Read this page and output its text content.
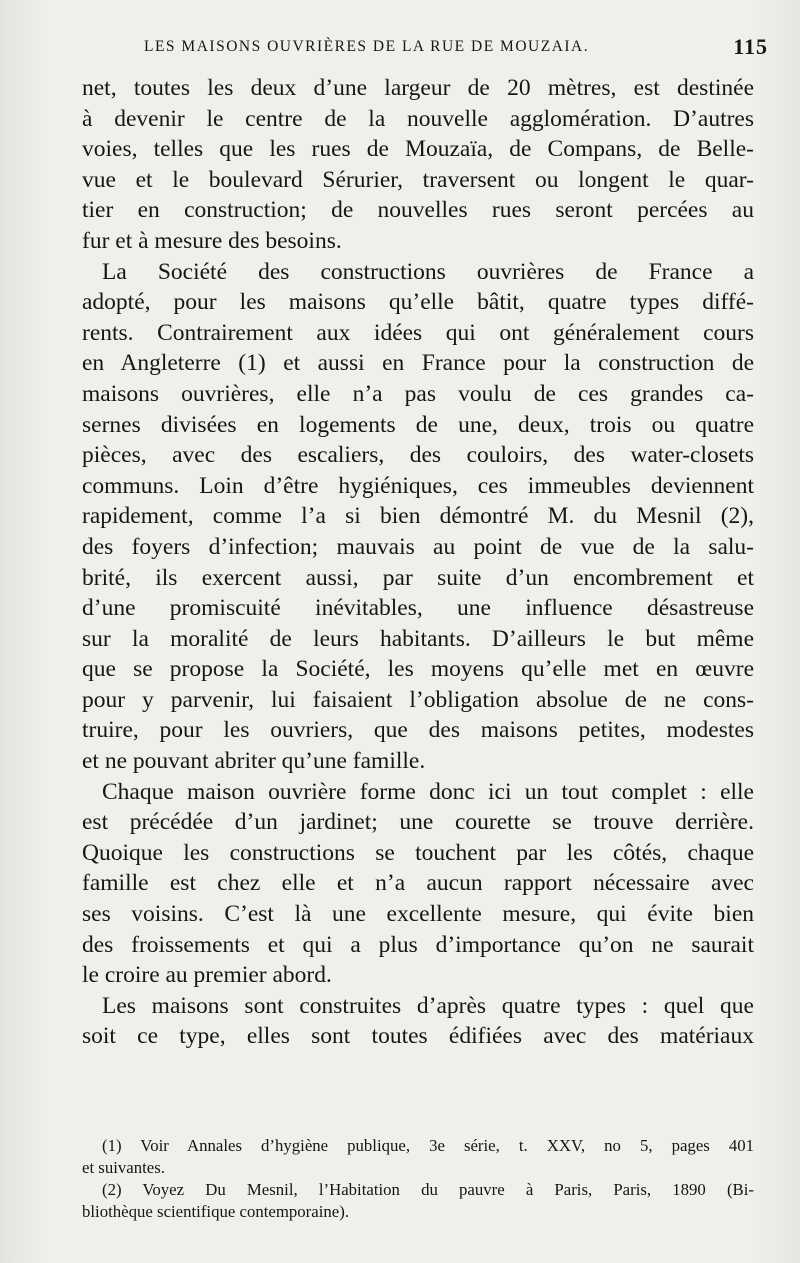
LES MAISONS OUVRIÈRES DE LA RUE DE MOUZAIA.	115
net, toutes les deux d’une largeur de 20 mètres, est destinée
à devenir le centre de la nouvelle agglomération. D’autres
voies, telles que les rues de Mouzaïa, de Compans, de Belle-
vue et le boulevard Sérurier, traversent ou longent le quar-
tier en construction; de nouvelles rues seront percées au
fur et à mesure des besoins.
La Société des constructions ouvrières de France a
adopté, pour les maisons qu’elle bâtit, quatre types diffé-
rents. Contrairement aux idées qui ont généralement cours
en Angleterre (1) et aussi en France pour la construction de
maisons ouvrières, elle n’a pas voulu de ces grandes ca-
sernes divisées en logements de une, deux, trois ou quatre
pièces, avec des escaliers, des couloirs, des water-closets
communs. Loin d’être hygiéniques, ces immeubles deviennent
rapidement, comme l’a si bien démontré M. du Mesnil (2),
des foyers d’infection; mauvais au point de vue de la salu-
brité, ils exercent aussi, par suite d’un encombrement et
d’une promiscuité inévitables, une influence désastreuse
sur la moralité de leurs habitants. D’ailleurs le but même
que se propose la Société, les moyens qu’elle met en œuvre
pour y parvenir, lui faisaient l’obligation absolue de ne cons-
truire, pour les ouvriers, que des maisons petites, modestes
et ne pouvant abriter qu’une famille.
Chaque maison ouvrière forme donc ici un tout complet : elle
est précédée d’un jardinet; une courette se trouve derrière.
Quoique les constructions se touchent par les côtés, chaque
famille est chez elle et n’a aucun rapport nécessaire avec
ses voisins. C’est là une excellente mesure, qui évite bien
des froissements et qui a plus d’importance qu’on ne saurait
le croire au premier abord.
Les maisons sont construites d’après quatre types : quel que
soit ce type, elles sont toutes édifiées avec des matériaux
(1) Voir Annales d’hygiène publique, 3e série, t. XXV, no 5, pages 401
et suivantes.
(2) Voyez Du Mesnil, l’Habitation du pauvre à Paris, Paris, 1890 (Bi-
bliothèque scientifique contemporaine).
